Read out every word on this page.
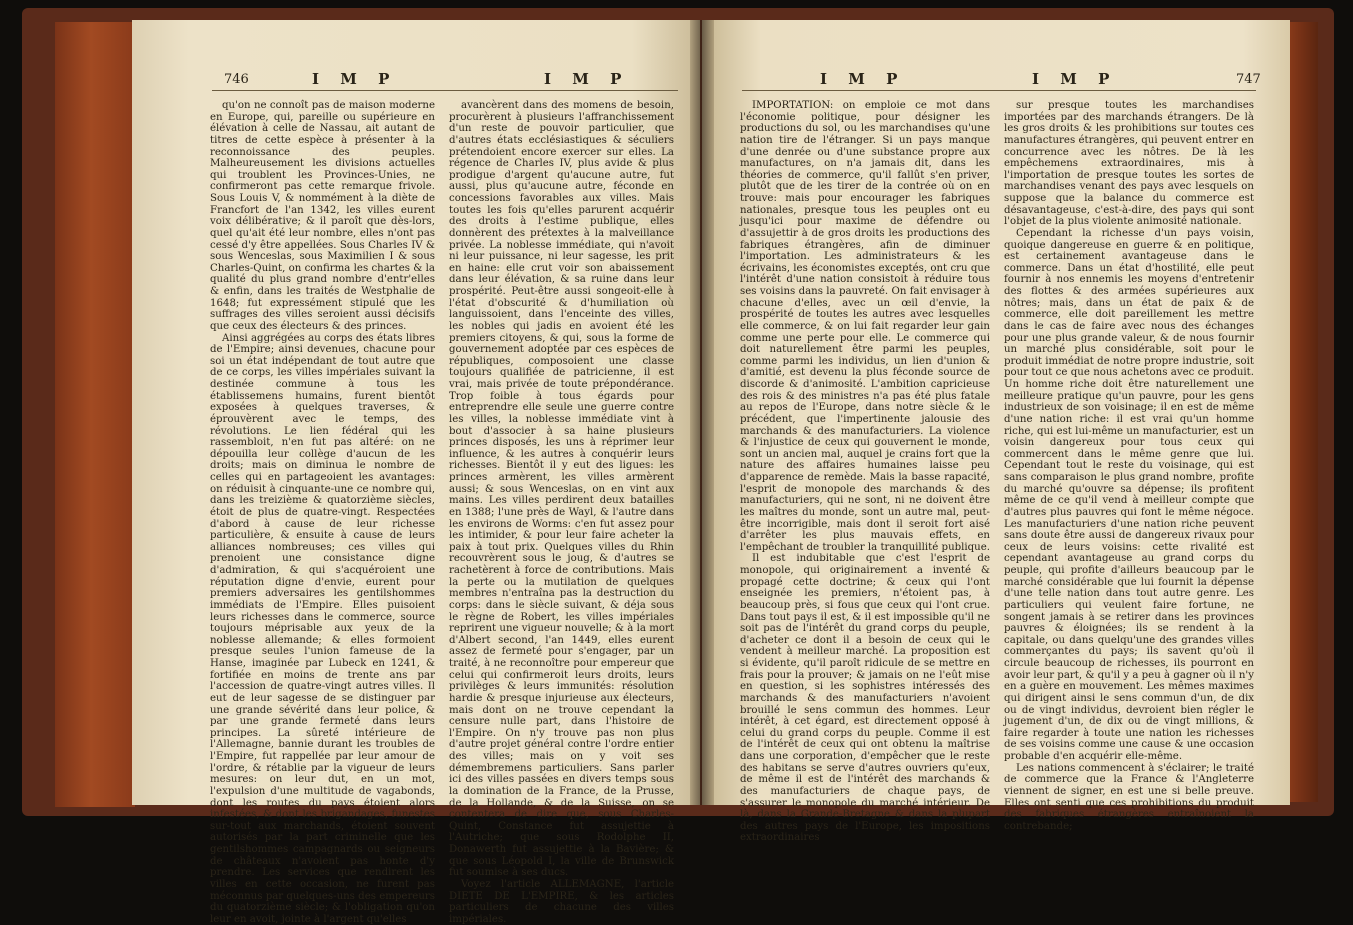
746	I M P	I M P

qu'on ne connoît pas de maison moderne en Europe, qui, pareille ou supérieure en élévation à celle de Nassau, ait autant de titres de cette espèce à présenter à la reconnoissance des peuples. Malheureusement les divisions actuelles qui troublent les Provinces-Unies, ne confirmeront pas cette remarque frivole. Sous Louis V, & nommément à la diète de Francfort de l'an 1342, les villes eurent voix délibérative; & il paroît que dès-lors, quel qu'ait été leur nombre, elles n'ont pas cessé d'y être appellées. Sous Charles IV & sous Wenceslas, sous Maximilien I & sous Charles-Quint, on confirma les chartes & la qualité du plus grand nombre d'entr'elles & enfin, dans les traités de Westphalie de 1648; fut expressément stipulé que les suffrages des villes seroient aussi décisifs que ceux des électeurs & des princes.

Ainsi aggrégées au corps des états libres de l'Empire; ainsi devenues, chacune pour soi un état indépendant de tout autre que de ce corps, les villes impériales suivant la destinée commune à tous les établissemens humains, furent bientôt exposées à quelques traverses, & éprouvèrent avec le temps, des révolutions. Le lien fédéral qui les rassembloit, n'en fut pas altéré: on ne dépouilla leur collège d'aucun de les droits; mais on diminua le nombre de celles qui en partageoient les avantages: on réduisit à cinquante-une ce nombre qui, dans les treizième & quatorzième siècles, étoit de plus de quatre-vingt. Respectées d'abord à cause de leur richesse particulière, & ensuite à cause de leurs alliances nombreuses; ces villes qui prenoient une consistance digne d'admiration, & qui s'acquéroient une réputation digne d'envie, eurent pour premiers adversaires les gentilshommes immédiats de l'Empire. Elles puisoient leurs richesses dans le commerce, source toujours méprisable aux yeux de la noblesse allemande; & elles formoient presque seules l'union fameuse de la Hanse, imaginée par Lubeck en 1241, & fortifiée en moins de trente ans par l'accession de quatre-vingt autres villes. Il eut de leur sagesse de se distinguer par une grande sévérité dans leur police, & par une grande fermeté dans leurs principes. La sûreté intérieure de l'Allemagne, bannie durant les troubles de l'Empire, fut rappellée par leur amour de l'ordre, & rétablie par la vigueur de leurs mesures: on leur dut, en un mot, l'expulsion d'une multitude de vagabonds, dont les routes du pays étoient alors infestées, & dont les brigandages, funestes sur-tout aux marchands, étoient souvent autorisés par la part criminelle que les gentilshommes campagnards ou seigneurs de châteaux n'avoient pas honte d'y prendre. Les services que rendirent les villes en cette occasion, ne furent pas méconnus par quelques-uns des empereurs du quatorzième siècle; & l'obligation qu'on leur en avoit, jointe à l'argent qu'elles

avancèrent dans des momens de besoin, procurèrent à plusieurs l'affranchissement d'un reste de pouvoir particulier, que d'autres états ecclésiastiques & séculiers prétendoient encore exercer sur elles. La régence de Charles IV, plus avide & plus prodigue d'argent qu'aucune autre, fut aussi, plus qu'aucune autre, féconde en concessions favorables aux villes. Mais toutes les fois qu'elles parurent acquérir des droits à l'estime publique, elles donnèrent des prétextes à la malveillance privée. La noblesse immédiate, qui n'avoit ni leur puissance, ni leur sagesse, les prit en haine: elle crut voir son abaissement dans leur élévation, & sa ruine dans leur prospérité. Peut-être aussi songeoit-elle à l'état d'obscurité & d'humiliation où languissoient, dans l'enceinte des villes, les nobles qui jadis en avoient été les premiers citoyens, & qui, sous la forme de gouvernement adoptée par ces espèces de républiques, composoient une classe toujours qualifiée de patricienne, il est vrai, mais privée de toute prépondérance. Trop foible à tous égards pour entreprendre elle seule une guerre contre les villes, la noblesse immédiate vint à bout d'associer à sa haine plusieurs princes disposés, les uns à réprimer leur influence, & les autres à conquérir leurs richesses. Bientôt il y eut des ligues: les princes armèrent, les villes armèrent aussi; & sous Wenceslas, on en vint aux mains. Les villes perdirent deux batailles en 1388; l'une près de Wayl, & l'autre dans les environs de Worms: c'en fut assez pour les intimider, & pour leur faire acheter la paix à tout prix. Quelques villes du Rhin recouvrèrent sous le joug, & d'autres se rachetèrent à force de contributions. Mais la perte ou la mutilation de quelques membres n'entraîna pas la destruction du corps: dans le siècle suivant, & déja sous le règne de Robert, les villes impériales reprirent une vigueur nouvelle; & à la mort d'Albert second, l'an 1449, elles eurent assez de fermeté pour s'engager, par un traité, à ne reconnoître pour empereur que celui qui confirmeroit leurs droits, leurs privilèges & leurs immunités: résolution hardie & presque injurieuse aux électeurs, mais dont on ne trouve cependant la censure nulle part, dans l'histoire de l'Empire. On n'y trouve pas non plus d'autre projet général contre l'ordre entier des villes; mais on y voit ses démembremens particuliers. Sans parler ici des villes passées en divers temps sous la domination de la France, de la Prusse, de la Hollande, & de la Suisse, on se contentera de dire que, sous Charles-Quint, Constance fut assujettie à l'Autriche; que sous Rodolphe II, Donawerth fut assujettie à la Bavière; & que sous Léopold I, la ville de Brunswick fut soumise à ses ducs.

Voyez l'article ALLEMAGNE, l'article DIETE DE L'EMPIRE, & les articles particuliers de chacune des villes impériales.

I M P	I M P	747

IMPORTATION: on emploie ce mot dans l'économie politique, pour désigner les productions du sol, ou les marchandises qu'une nation tire de l'étranger. Si un pays manque d'une denrée ou d'une substance propre aux manufactures, on n'a jamais dit, dans les théories de commerce, qu'il fallût s'en priver, plutôt que de les tirer de la contrée où on en trouve: mais pour encourager les fabriques nationales, presque tous les peuples ont eu jusqu'ici pour maxime de défendre ou d'assujettir à de gros droits les productions des fabriques étrangères, afin de diminuer l'importation. Les administrateurs & les écrivains, les économistes exceptés, ont cru que l'intérêt d'une nation consistoit à réduire tous ses voisins dans la pauvreté. On fait envisager à chacune d'elles, avec un œil d'envie, la prospérité de toutes les autres avec lesquelles elle commerce, & on lui fait regarder leur gain comme une perte pour elle. Le commerce qui doit naturellement être parmi les peuples, comme parmi les individus, un lien d'union & d'amitié, est devenu la plus féconde source de discorde & d'animosité. L'ambition capricieuse des rois & des ministres n'a pas été plus fatale au repos de l'Europe, dans notre siècle & le précédent, que l'impertinente jalousie des marchands & des manufacturiers. La violence & l'injustice de ceux qui gouvernent le monde, sont un ancien mal, auquel je crains fort que la nature des affaires humaines laisse peu d'apparence de remède. Mais la basse rapacité, l'esprit de monopole des marchands & des manufacturiers, qui ne sont, ni ne doivent être les maîtres du monde, sont un autre mal, peut-être incorrigible, mais dont il seroit fort aisé d'arrêter les plus mauvais effets, en l'empêchant de troubler la tranquillité publique.

Il est indubitable que c'est l'esprit de monopole, qui originairement a inventé & propagé cette doctrine; & ceux qui l'ont enseignée les premiers, n'étoient pas, à beaucoup près, si fous que ceux qui l'ont crue. Dans tout pays il est, & il est impossible qu'il ne soit pas de l'intérêt du grand corps du peuple, d'acheter ce dont il a besoin de ceux qui le vendent à meilleur marché. La proposition est si évidente, qu'il paroît ridicule de se mettre en frais pour la prouver; & jamais on ne l'eût mise en question, si les sophistres intéressés des marchands & des manufacturiers n'avoient brouillé le sens commun des hommes. Leur intérêt, à cet égard, est directement opposé à celui du grand corps du peuple. Comme il est de l'intérêt de ceux qui ont obtenu la maîtrise dans une corporation, d'empêcher que le reste des habitans se serve d'autres ouvriers qu'eux, de même il est de l'intérêt des marchands & des manufacturiers de chaque pays, de s'assurer le monopole du marché intérieur. De là, dans la Grande-Bretagne & dans la plupart des autres pays de l'Europe, les impositions extraordinaires

sur presque toutes les marchandises importées par des marchands étrangers. De là les gros droits & les prohibitions sur toutes ces manufactures étrangères, qui peuvent entrer en concurrence avec les nôtres. De là les empêchemens extraordinaires, mis à l'importation de presque toutes les sortes de marchandises venant des pays avec lesquels on suppose que la balance du commerce est désavantageuse, c'est-à-dire, des pays qui sont l'objet de la plus violente animosité nationale.

Cependant la richesse d'un pays voisin, quoique dangereuse en guerre & en politique, est certainement avantageuse dans le commerce. Dans un état d'hostilité, elle peut fournir à nos ennemis les moyens d'entretenir des flottes & des armées supérieures aux nôtres; mais, dans un état de paix & de commerce, elle doit pareillement les mettre dans le cas de faire avec nous des échanges pour une plus grande valeur, & de nous fournir un marché plus considérable, soit pour le produit immédiat de notre propre industrie, soit pour tout ce que nous achetons avec ce produit. Un homme riche doit être naturellement une meilleure pratique qu'un pauvre, pour les gens industrieux de son voisinage; il en est de même d'une nation riche: il est vrai qu'un homme riche, qui est lui-même un manufacturier, est un voisin dangereux pour tous ceux qui commercent dans le même genre que lui. Cependant tout le reste du voisinage, qui est sans comparaison le plus grand nombre, profite du marché qu'ouvre sa dépense; ils profitent même de ce qu'il vend à meilleur compte que d'autres plus pauvres qui font le même négoce. Les manufacturiers d'une nation riche peuvent sans doute être aussi de dangereux rivaux pour ceux de leurs voisins: cette rivalité est cependant avantageuse au grand corps du peuple, qui profite d'ailleurs beaucoup par le marché considérable que lui fournit la dépense d'une telle nation dans tout autre genre. Les particuliers qui veulent faire fortune, ne songent jamais à se retirer dans les provinces pauvres & éloignées; ils se rendent à la capitale, ou dans quelqu'une des grandes villes commerçantes du pays; ils savent qu'où il circule beaucoup de richesses, ils pourront en avoir leur part, & qu'il y a peu à gagner où il n'y en a guère en mouvement. Les mêmes maximes qui dirigent ainsi le sens commun d'un, de dix ou de vingt individus, devroient bien régler le jugement d'un, de dix ou de vingt millions, & faire regarder à toute une nation les richesses de ses voisins comme une cause & une occasion probable d'en acquérir elle-même.

Les nations commencent à s'éclairer; le traité de commerce que la France & l'Angleterre viennent de signer, en est une si belle preuve. Elles ont senti que ces prohibitions du produit des fabriques étrangères entraînoient la contrebande;
